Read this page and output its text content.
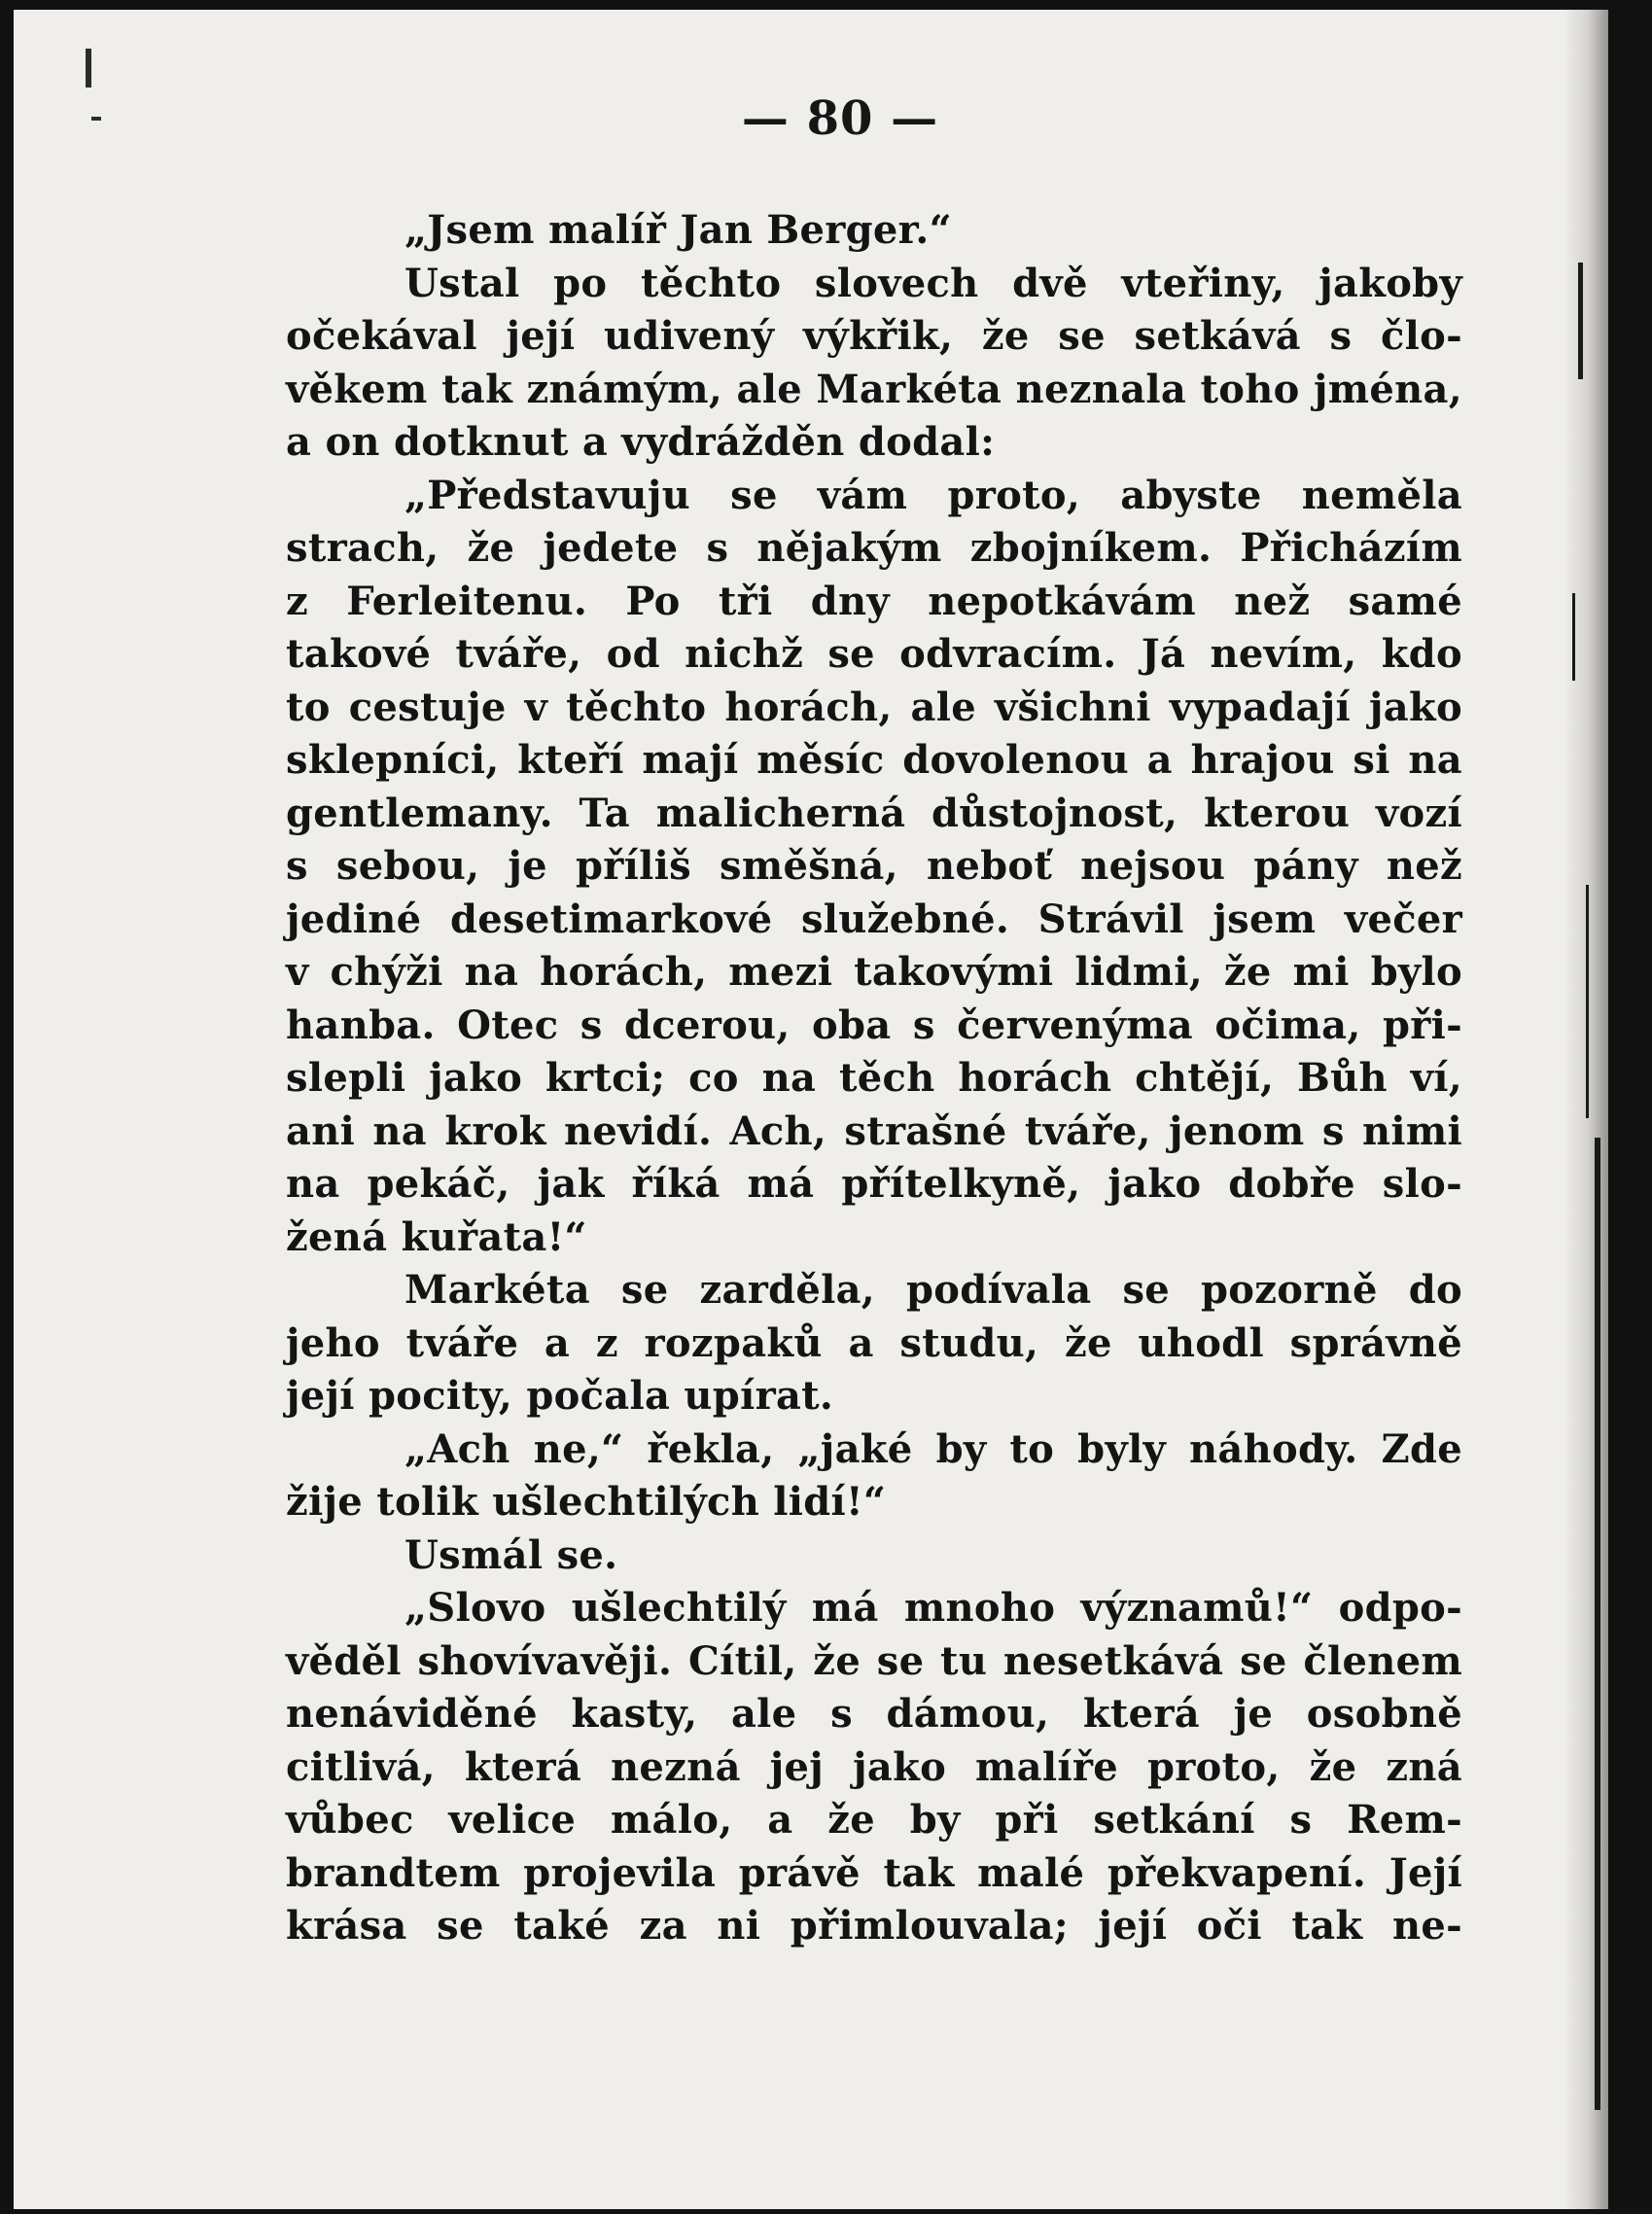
— 80 —
„Jsem malíř Jan Berger.“
Ustal po těchto slovech dvě vteřiny, jakoby
očekával její udivený výkřik, že se setkává s člo-
věkem tak známým, ale Markéta neznala toho jména,
a on dotknut a vydrážděn dodal:
„Představuju se vám proto, abyste neměla
strach, že jedete s nějakým zbojníkem. Přicházím
z Ferleitenu. Po tři dny nepotkávám než samé
takové tváře, od nichž se odvracím. Já nevím, kdo
to cestuje v těchto horách, ale všichni vypadají jako
sklepníci, kteří mají měsíc dovolenou a hrajou si na
gentlemany. Ta malicherná důstojnost, kterou vozí
s sebou, je příliš směšná, neboť nejsou pány než
jediné desetimarkové služebné. Strávil jsem večer
v chýži na horách, mezi takovými lidmi, že mi bylo
hanba. Otec s dcerou, oba s červenýma očima, při-
slepli jako krtci; co na těch horách chtějí, Bůh ví,
ani na krok nevidí. Ach, strašné tváře, jenom s nimi
na pekáč, jak říká má přítelkyně, jako dobře slo-
žená kuřata!“
Markéta se zarděla, podívala se pozorně do
jeho tváře a z rozpaků a studu, že uhodl správně
její pocity, počala upírat.
„Ach ne,“ řekla, „jaké by to byly náhody. Zde
žije tolik ušlechtilých lidí!“
Usmál se.
„Slovo ušlechtilý má mnoho významů!“ odpo-
věděl shovívavěji. Cítil, že se tu nesetkává se členem
nenáviděné kasty, ale s dámou, která je osobně
citlivá, která nezná jej jako malíře proto, že zná
vůbec velice málo, a že by při setkání s Rem-
brandtem projevila právě tak malé překvapení. Její
krása se také za ni přimlouvala; její oči tak ne-
